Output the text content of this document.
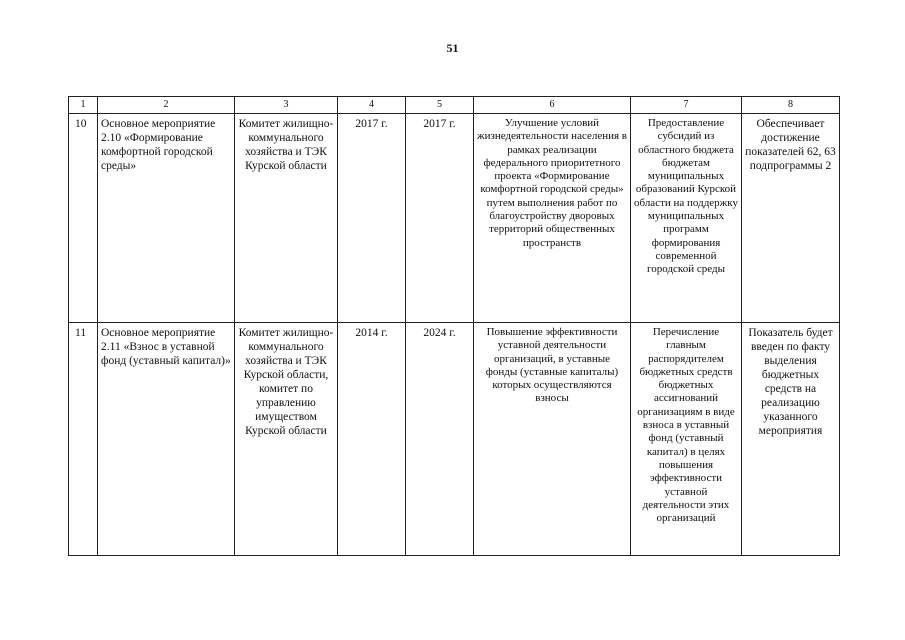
51
1	2	3	4	5	6	7	8
10	Основное мероприятие 2.10 «Формирование комфортной городской среды»	Комитет жилищно-коммунального хозяйства и ТЭК Курской области	2017 г.	2017 г.	Улучшение условий жизнедеятельности населения в рамках реализации федерального приоритетного проекта «Формирование комфортной городской среды» путем выполнения работ по благоустройству дворовых территорий общественных пространств	Предоставление субсидий из областного бюджета бюджетам муниципальных образований Курской области на поддержку муниципальных программ формирования современной городской среды	Обеспечивает достижение показателей 62, 63 подпрограммы 2
11	Основное мероприятие 2.11 «Взнос в уставной фонд (уставный капитал)»	Комитет жилищно-коммунального хозяйства и ТЭК Курской области, комитет по управлению имуществом Курской области	2014 г.	2024 г.	Повышение эффективности уставной деятельности организаций, в уставные фонды (уставные капиталы) которых осуществляются взносы	Перечисление главным распорядителем бюджетных средств бюджетных ассигнований организациям в виде взноса в уставный фонд (уставный капитал) в целях повышения эффективности уставной деятельности этих организаций	Показатель будет введен по факту выделения бюджетных средств на реализацию указанного мероприятия
